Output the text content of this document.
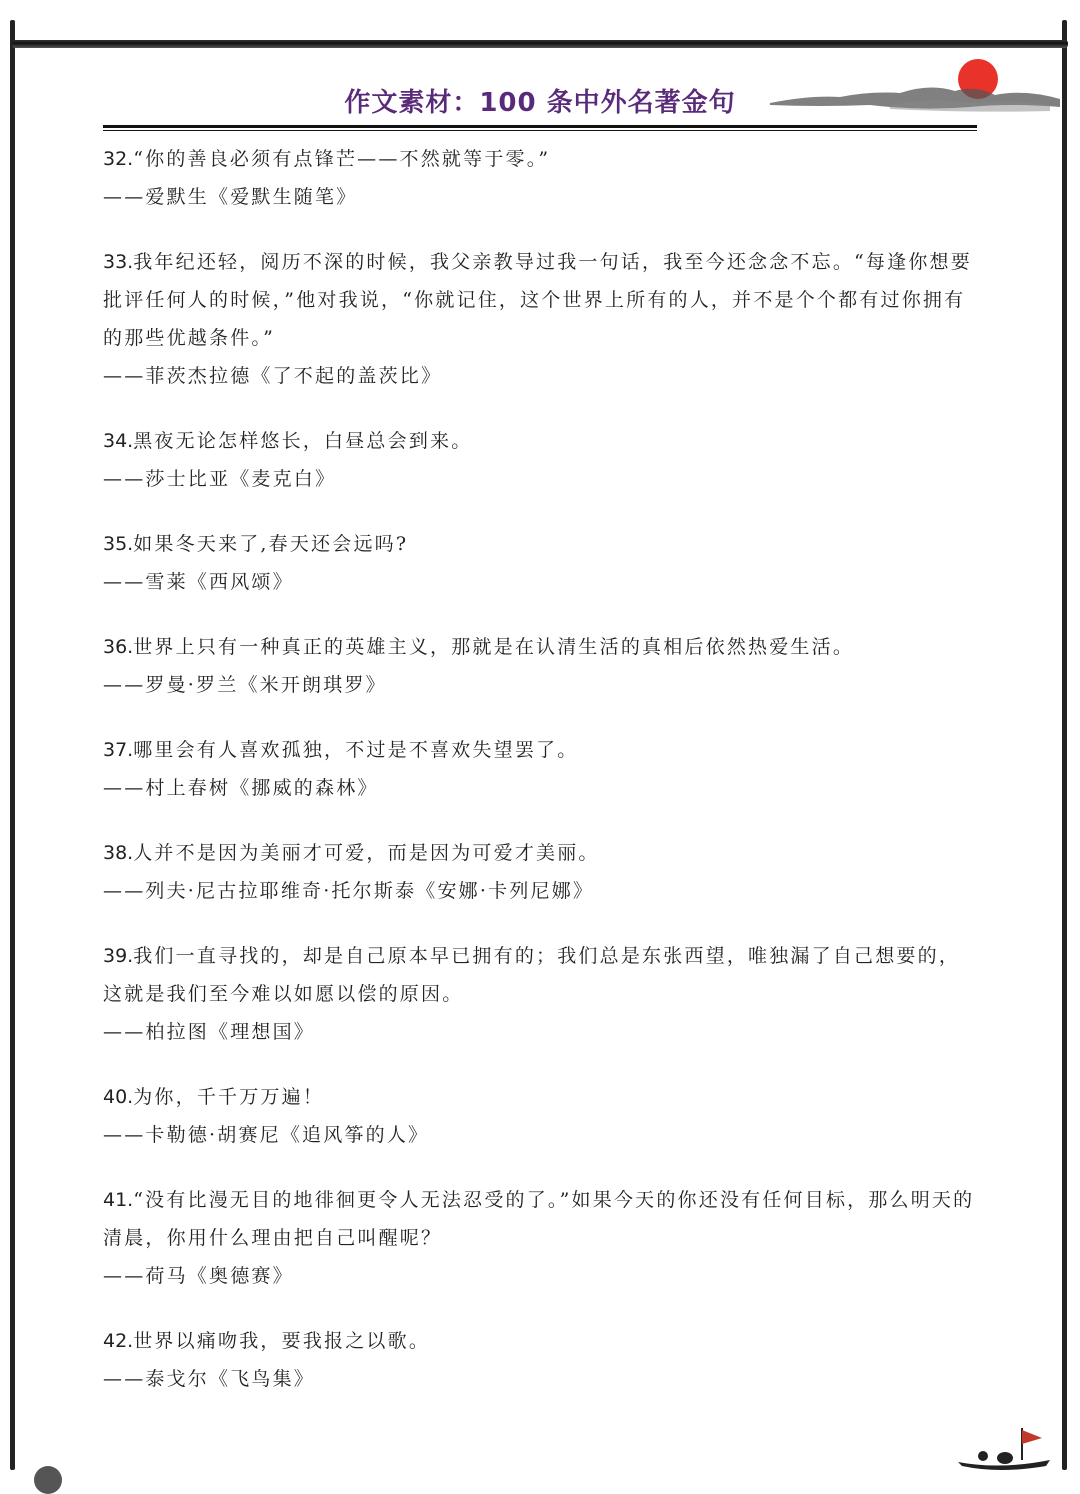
作文素材：100 条中外名著金句

32.“你的善良必须有点锋芒——不然就等于零。”

——爱默生《爱默生随笔》

33.我年纪还轻，阅历不深的时候，我父亲教导过我一句话，我至今还念念不忘。“每逢你想要批评任何人的时候，”他对我说，“你就记住，这个世界上所有的人，并不是个个都有过你拥有的那些优越条件。”

——菲茨杰拉德《了不起的盖茨比》

34.黑夜无论怎样悠长，白昼总会到来。

——莎士比亚《麦克白》

35.如果冬天来了,春天还会远吗?

——雪莱《西风颂》

36.世界上只有一种真正的英雄主义，那就是在认清生活的真相后依然热爱生活。

——罗曼·罗兰《米开朗琪罗》

37.哪里会有人喜欢孤独，不过是不喜欢失望罢了。

——村上春树《挪威的森林》

38.人并不是因为美丽才可爱，而是因为可爱才美丽。

——列夫·尼古拉耶维奇·托尔斯泰《安娜·卡列尼娜》

39.我们一直寻找的，却是自己原本早已拥有的；我们总是东张西望，唯独漏了自己想要的，这就是我们至今难以如愿以偿的原因。

——柏拉图《理想国》

40.为你，千千万万遍！

——卡勒德·胡赛尼《追风筝的人》

41.“没有比漫无目的地徘徊更令人无法忍受的了。”如果今天的你还没有任何目标，那么明天的清晨，你用什么理由把自己叫醒呢？

——荷马《奥德赛》

42.世界以痛吻我，要我报之以歌。

——泰戈尔《飞鸟集》
